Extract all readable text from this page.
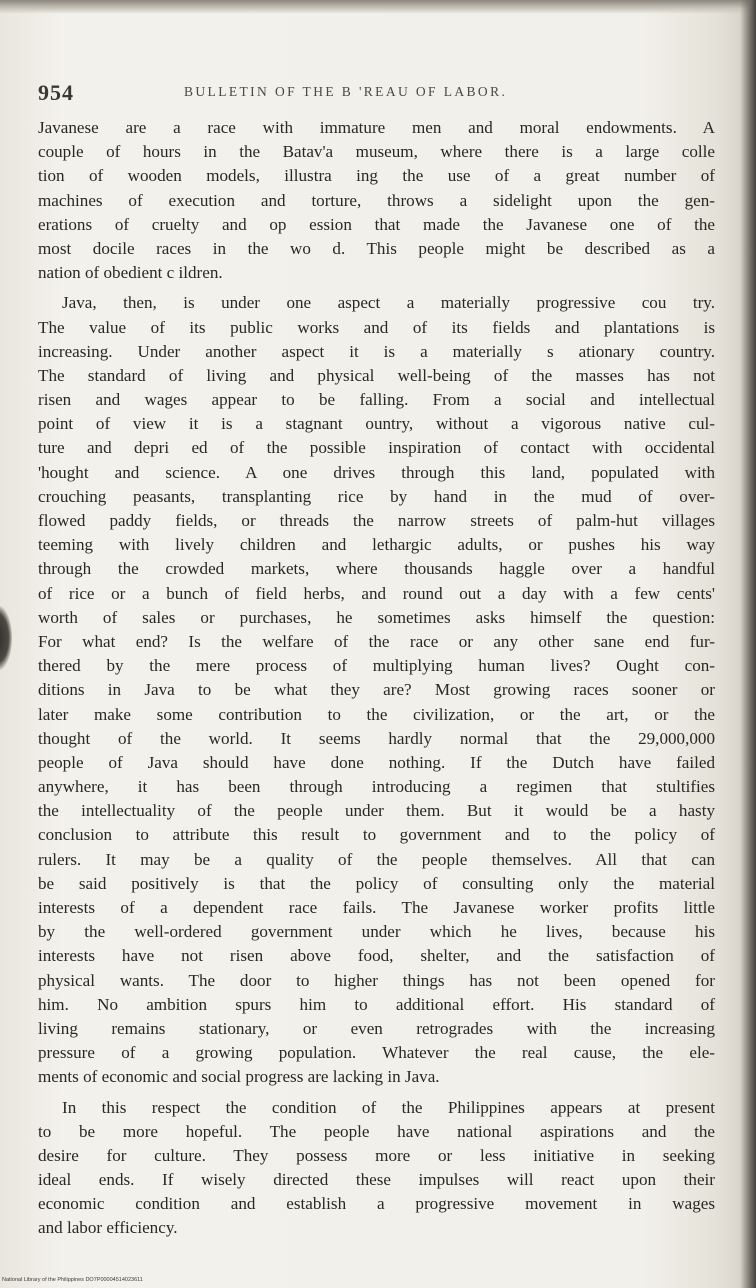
954	BULLETIN OF THE B 'REAU OF LABOR.

Javanese are a race with immature men and moral endowments. A
couple of hours in the Batav'a museum, where there is a large colle
tion of wooden models, illustra ing the use of a great number of
machines of execution and torture, throws a sidelight upon the gen-
erations of cruelty and op ession that made the Javanese one of the
most docile races in the wo d. This people might be described as a
nation of obedient c ildren.

Java, then, is under one aspect a materially progressive cou try.
The value of its public works and of its fields and plantations is
increasing. Under another aspect it is a materially s ationary country.
The standard of living and physical well-being of the masses has not
risen and wages appear to be falling. From a social and intellectual
point of view it is a stagnant ountry, without a vigorous native cul-
ture and depri ed of the possible inspiration of contact with occidental
'hought and science. A one drives through this land, populated with
crouching peasants, transplanting rice by hand in the mud of over-
flowed paddy fields, or threads the narrow streets of palm-hut villages
teeming with lively children and lethargic adults, or pushes his way
through the crowded markets, where thousands haggle over a handful
of rice or a bunch of field herbs, and round out a day with a few cents'
worth of sales or purchases, he sometimes asks himself the question:
For what end? Is the welfare of the race or any other sane end fur-
thered by the mere process of multiplying human lives? Ought con-
ditions in Java to be what they are? Most growing races sooner or
later make some contribution to the civilization, or the art, or the
thought of the world. It seems hardly normal that the 29,000,000
people of Java should have done nothing. If the Dutch have failed
anywhere, it has been through introducing a regimen that stultifies
the intellectuality of the people under them. But it would be a hasty
conclusion to attribute this result to government and to the policy of
rulers. It may be a quality of the people themselves. All that can
be said positively is that the policy of consulting only the material
interests of a dependent race fails. The Javanese worker profits little
by the well-ordered government under which he lives, because his
interests have not risen above food, shelter, and the satisfaction of
physical wants. The door to higher things has not been opened for
him. No ambition spurs him to additional effort. His standard of
living remains stationary, or even retrogrades with the increasing
pressure of a growing population. Whatever the real cause, the ele-
ments of economic and social progress are lacking in Java.

In this respect the condition of the Philippines appears at present
to be more hopeful. The people have national aspirations and the
desire for culture. They possess more or less initiative in seeking
ideal ends. If wisely directed these impulses will react upon their
economic condition and establish a progressive movement in wages
and labor efficiency.

National Library of the Philippines DO7P00004514023611
